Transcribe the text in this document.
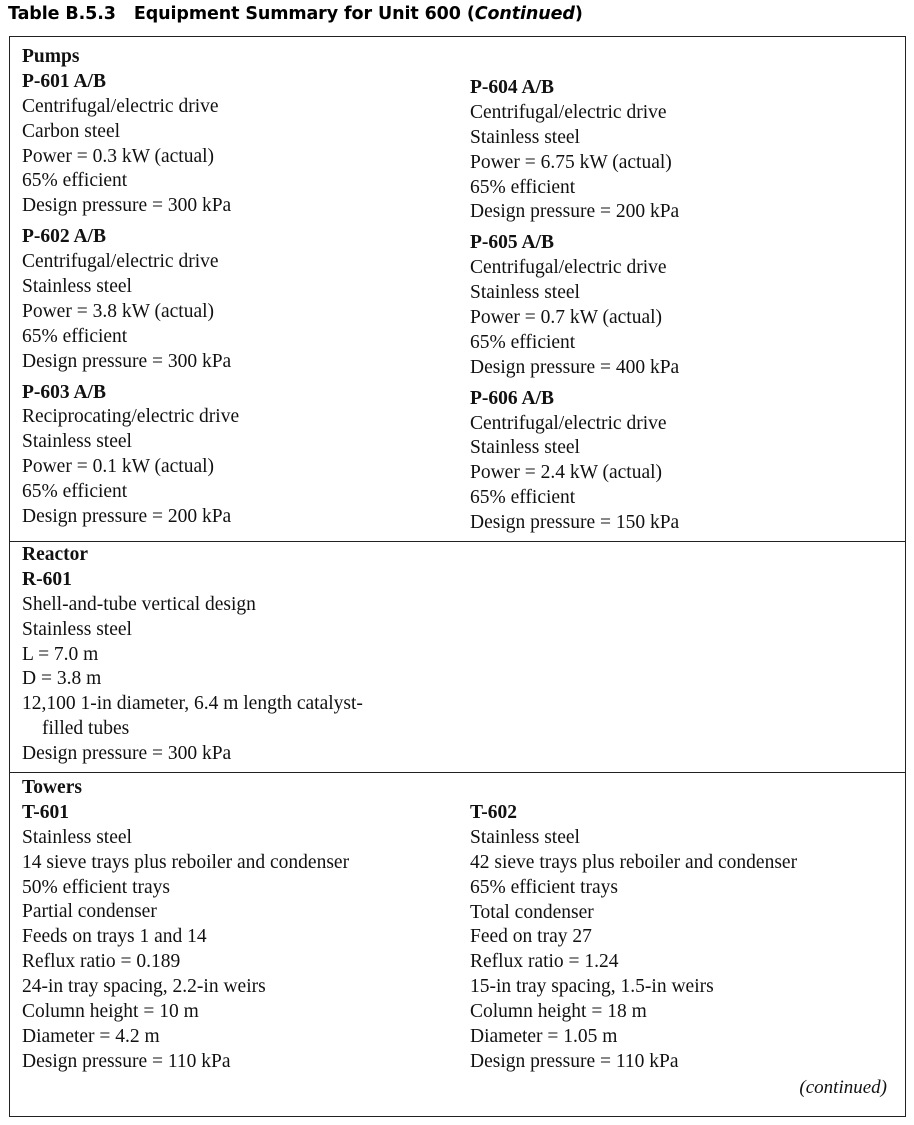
Table B.5.3 Equipment Summary for Unit 600 (Continued)
Pumps
P-601 A/B
Centrifugal/electric drive
Carbon steel
Power = 0.3 kW (actual)
65% efficient
Design pressure = 300 kPa
P-602 A/B
Centrifugal/electric drive
Stainless steel
Power = 3.8 kW (actual)
65% efficient
Design pressure = 300 kPa
P-603 A/B
Reciprocating/electric drive
Stainless steel
Power = 0.1 kW (actual)
65% efficient
Design pressure = 200 kPa
P-604 A/B
Centrifugal/electric drive
Stainless steel
Power = 6.75 kW (actual)
65% efficient
Design pressure = 200 kPa
P-605 A/B
Centrifugal/electric drive
Stainless steel
Power = 0.7 kW (actual)
65% efficient
Design pressure = 400 kPa
P-606 A/B
Centrifugal/electric drive
Stainless steel
Power = 2.4 kW (actual)
65% efficient
Design pressure = 150 kPa
Reactor
R-601
Shell-and-tube vertical design
Stainless steel
L = 7.0 m
D = 3.8 m
12,100 1-in diameter, 6.4 m length catalyst-
filled tubes
Design pressure = 300 kPa
Towers
T-601
Stainless steel
14 sieve trays plus reboiler and condenser
50% efficient trays
Partial condenser
Feeds on trays 1 and 14
Reflux ratio = 0.189
24-in tray spacing, 2.2-in weirs
Column height = 10 m
Diameter = 4.2 m
Design pressure = 110 kPa
T-602
Stainless steel
42 sieve trays plus reboiler and condenser
65% efficient trays
Total condenser
Feed on tray 27
Reflux ratio = 1.24
15-in tray spacing, 1.5-in weirs
Column height = 18 m
Diameter = 1.05 m
Design pressure = 110 kPa
(continued)
